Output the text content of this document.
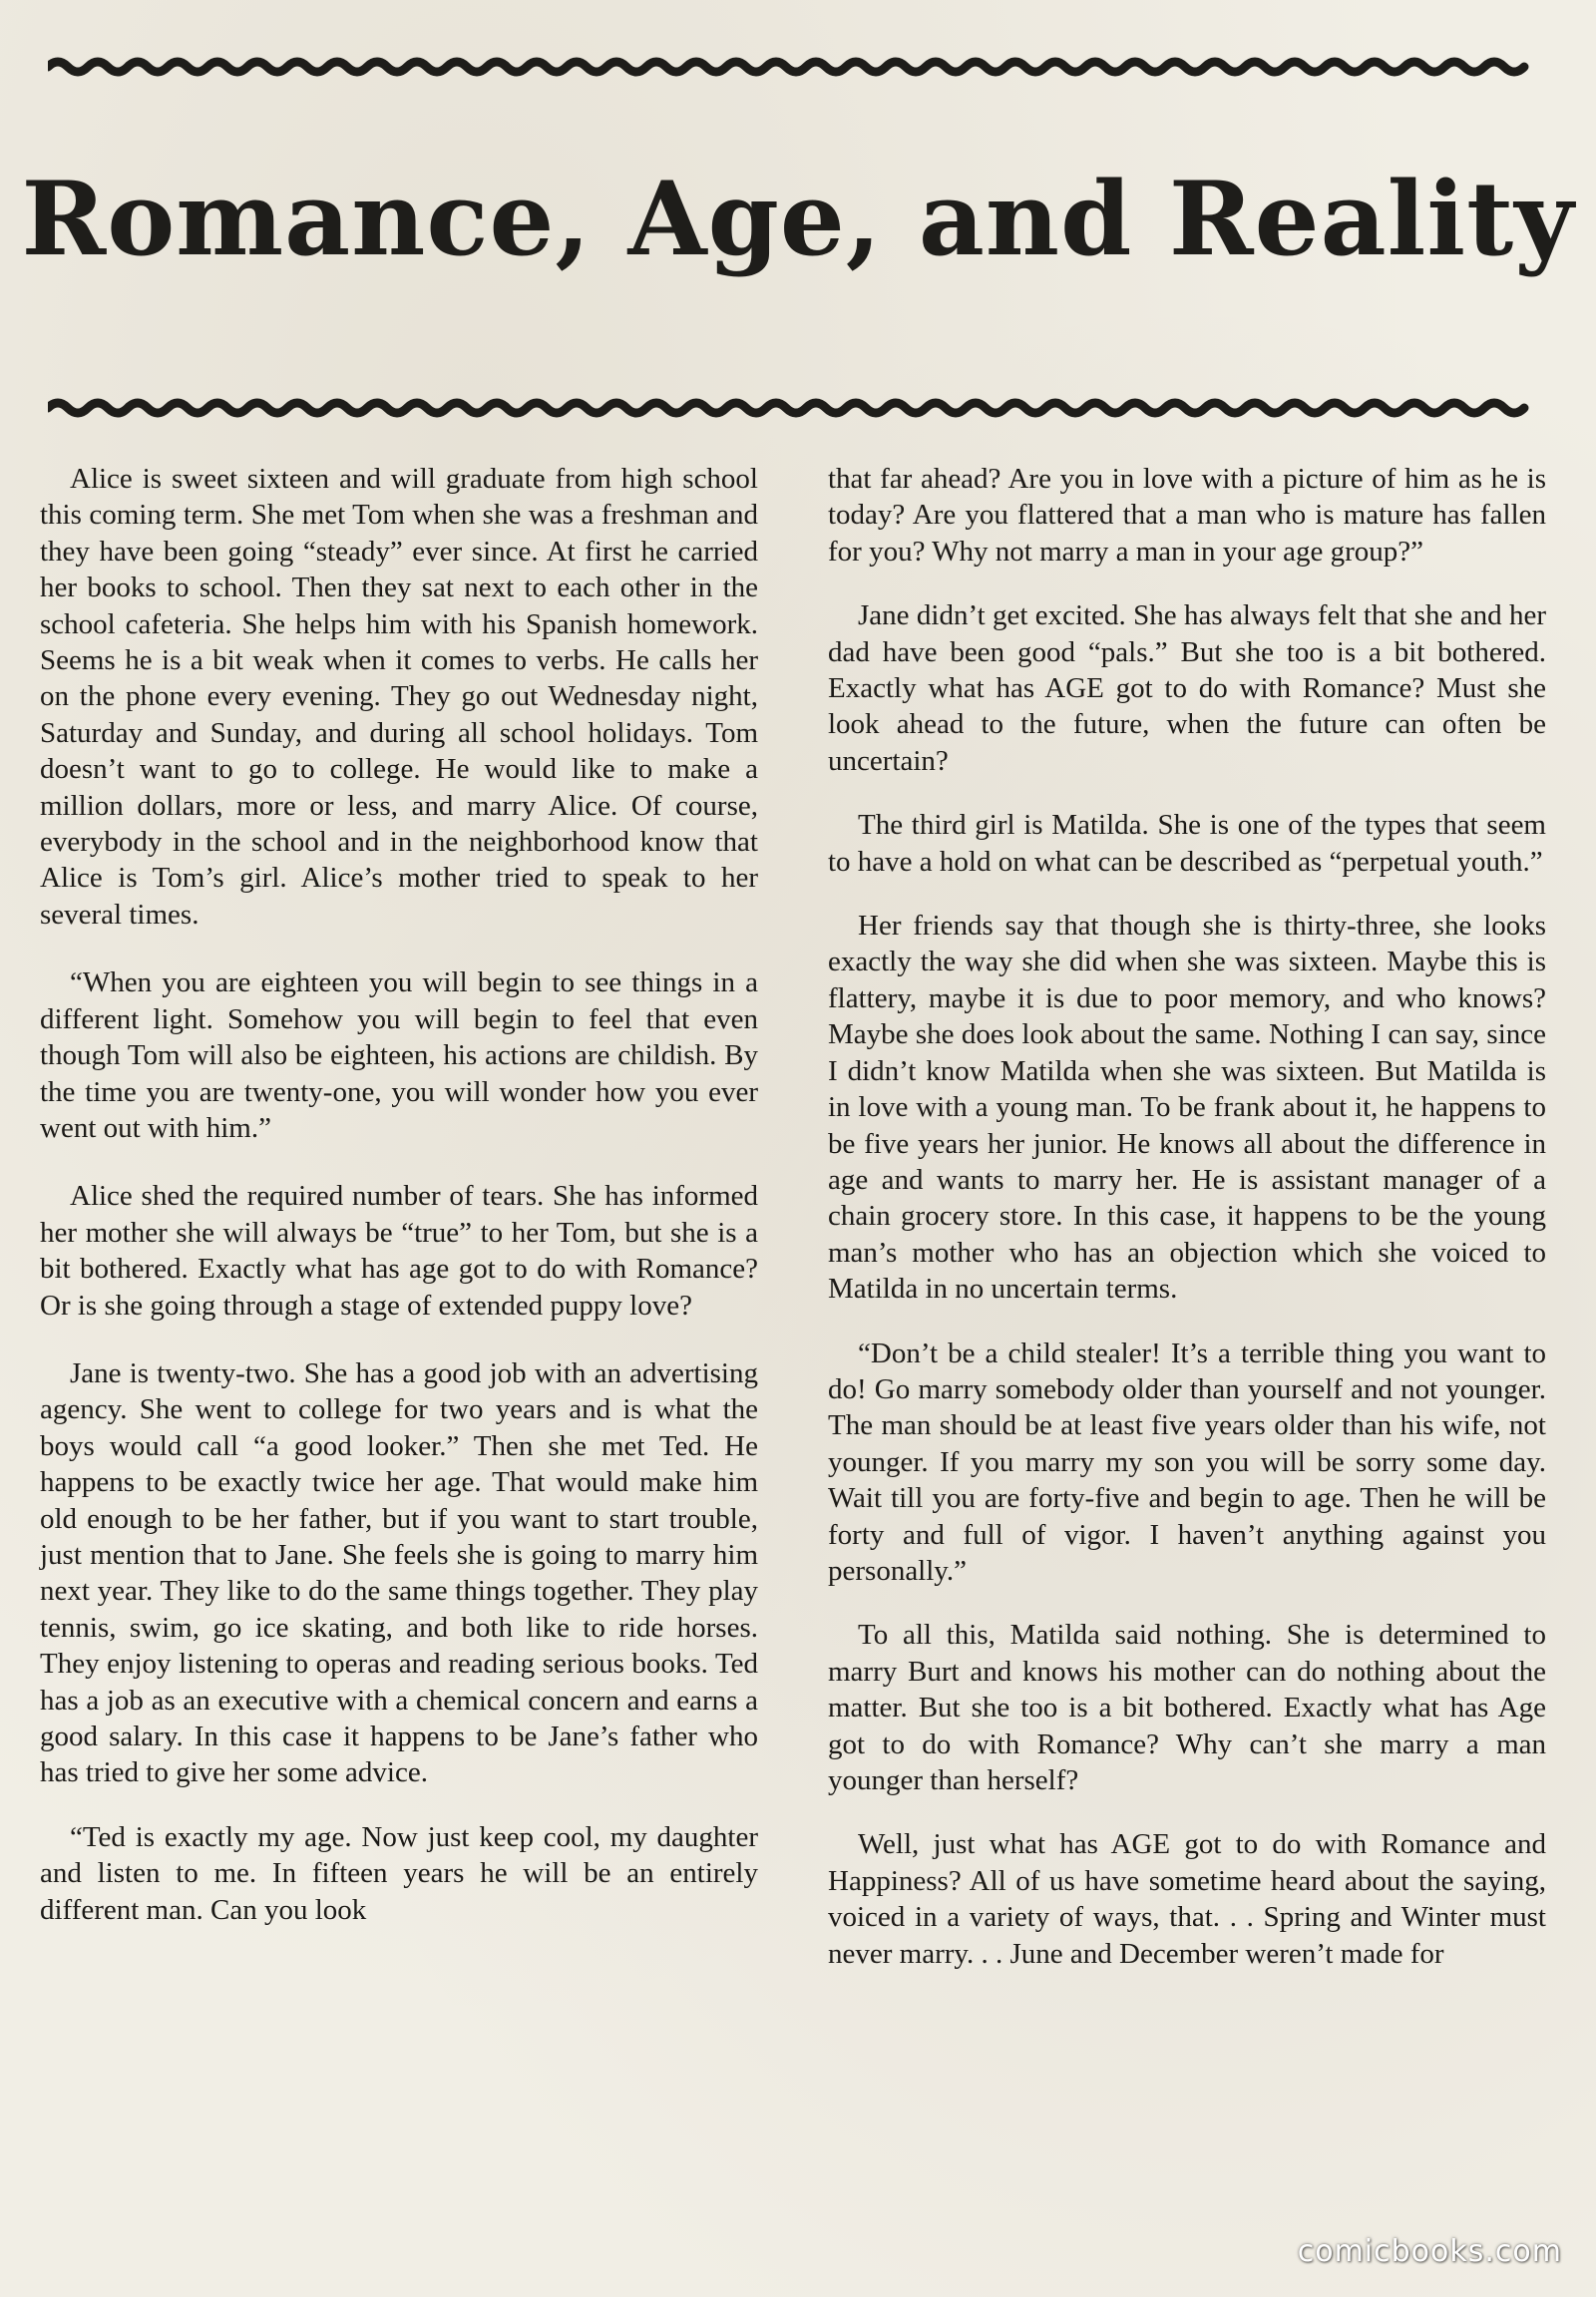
Romance, Age, and Reality

Alice is sweet sixteen and will graduate from high school this coming term. She met Tom when she was a freshman and they have been going “steady” ever since. At first he carried her books to school. Then they sat next to each other in the school cafeteria. She helps him with his Spanish homework. Seems he is a bit weak when it comes to verbs. He calls her on the phone every evening. They go out Wednesday night, Saturday and Sunday, and during all school holidays. Tom doesn’t want to go to college. He would like to make a million dollars, more or less, and marry Alice. Of course, everybody in the school and in the neighborhood know that Alice is Tom’s girl. Alice’s mother tried to speak to her several times.

“When you are eighteen you will begin to see things in a different light. Somehow you will begin to feel that even though Tom will also be eighteen, his actions are childish. By the time you are twenty-one, you will wonder how you ever went out with him.”

Alice shed the required number of tears. She has informed her mother she will always be “true” to her Tom, but she is a bit bothered. Exactly what has age got to do with Romance? Or is she going through a stage of extended puppy love?

Jane is twenty-two. She has a good job with an advertising agency. She went to college for two years and is what the boys would call “a good looker.” Then she met Ted. He happens to be exactly twice her age. That would make him old enough to be her father, but if you want to start trouble, just mention that to Jane. She feels she is going to marry him next year. They like to do the same things together. They play tennis, swim, go ice skating, and both like to ride horses. They enjoy listening to operas and reading serious books. Ted has a job as an executive with a chemical concern and earns a good salary. In this case it happens to be Jane’s father who has tried to give her some advice.

“Ted is exactly my age. Now just keep cool, my daughter and listen to me. In fifteen years he will be an entirely different man. Can you look

that far ahead? Are you in love with a picture of him as he is today? Are you flattered that a man who is mature has fallen for you? Why not marry a man in your age group?”

Jane didn’t get excited. She has always felt that she and her dad have been good “pals.” But she too is a bit bothered. Exactly what has AGE got to do with Romance? Must she look ahead to the future, when the future can often be uncertain?

The third girl is Matilda. She is one of the types that seem to have a hold on what can be described as “perpetual youth.”

Her friends say that though she is thirty-three, she looks exactly the way she did when she was sixteen. Maybe this is flattery, maybe it is due to poor memory, and who knows? Maybe she does look about the same. Nothing I can say, since I didn’t know Matilda when she was sixteen. But Matilda is in love with a young man. To be frank about it, he happens to be five years her junior. He knows all about the difference in age and wants to marry her. He is assistant manager of a chain grocery store. In this case, it happens to be the young man’s mother who has an objection which she voiced to Matilda in no uncertain terms.

“Don’t be a child stealer! It’s a terrible thing you want to do! Go marry somebody older than yourself and not younger. The man should be at least five years older than his wife, not younger. If you marry my son you will be sorry some day. Wait till you are forty-five and begin to age. Then he will be forty and full of vigor. I haven’t anything against you personally.”

To all this, Matilda said nothing. She is determined to marry Burt and knows his mother can do nothing about the matter. But she too is a bit bothered. Exactly what has Age got to do with Romance? Why can’t she marry a man younger than herself?

Well, just what has AGE got to do with Romance and Happiness? All of us have sometime heard about the saying, voiced in a variety of ways, that. . . Spring and Winter must never marry. . . June and December weren’t made for

comicbooks.com
